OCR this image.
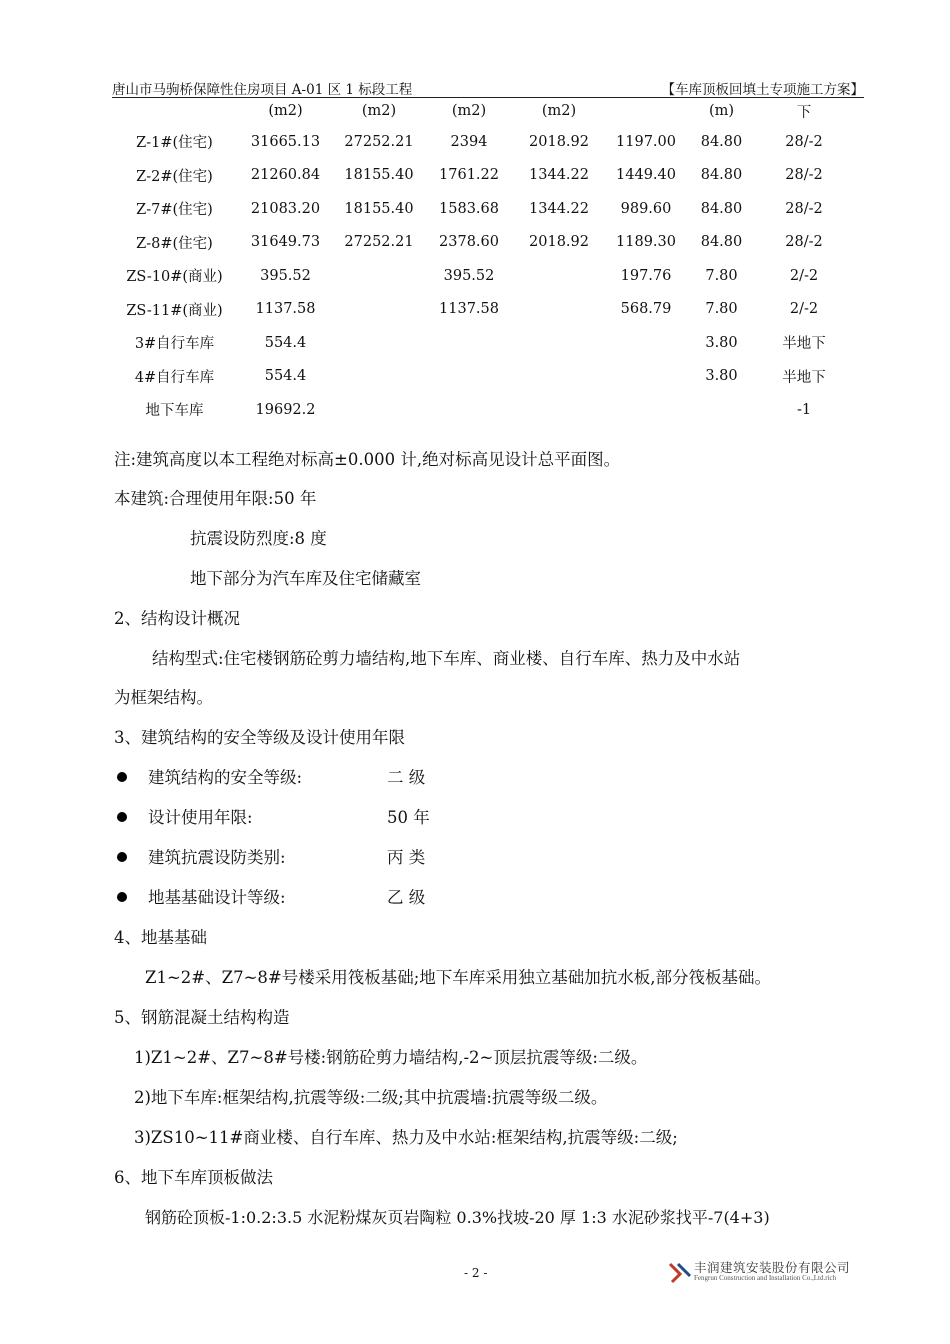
唐山市马驹桥保障性住房项目 A-01 区 1 标段工程	【车库顶板回填土专项施工方案】
	(m2)	(m2)	(m2)	(m2)		(m)	下
Z-1#(住宅)	31665.13	27252.21	2394	2018.92	1197.00	84.80	28/-2
Z-2#(住宅)	21260.84	18155.40	1761.22	1344.22	1449.40	84.80	28/-2
Z-7#(住宅)	21083.20	18155.40	1583.68	1344.22	989.60	84.80	28/-2
Z-8#(住宅)	31649.73	27252.21	2378.60	2018.92	1189.30	84.80	28/-2
ZS-10#(商业)	395.52		395.52		197.76	7.80	2/-2
ZS-11#(商业)	1137.58		1137.58		568.79	7.80	2/-2
3#自行车库	554.4					3.80	半地下
4#自行车库	554.4					3.80	半地下
地下车库	19692.2						-1
注:建筑高度以本工程绝对标高±0.000 计,绝对标高见设计总平面图。
本建筑:合理使用年限:50 年
抗震设防烈度:8 度
地下部分为汽车库及住宅储藏室
2、结构设计概况
结构型式:住宅楼钢筋砼剪力墙结构,地下车库、商业楼、自行车库、热力及中水站
为框架结构。
3、建筑结构的安全等级及设计使用年限
建筑结构的安全等级:	二 级
设计使用年限:	50 年
建筑抗震设防类别:	丙 类
地基基础设计等级:	乙 级
4、地基基础
Z1~2#、Z7~8#号楼采用筏板基础;地下车库采用独立基础加抗水板,部分筏板基础。
5、钢筋混凝土结构构造
1)Z1~2#、Z7~8#号楼:钢筋砼剪力墙结构,-2~顶层抗震等级:二级。
2)地下车库:框架结构,抗震等级:二级;其中抗震墙:抗震等级二级。
3)ZS10~11#商业楼、自行车库、热力及中水站:框架结构,抗震等级:二级;
6、地下车库顶板做法
钢筋砼顶板-1:0.2:3.5 水泥粉煤灰页岩陶粒 0.3%找坡-20 厚 1:3 水泥砂浆找平-7(4+3)
- 2 -	丰润建筑安装股份有限公司
Fengrun Construction and Installation Co.,Ltd.rich
